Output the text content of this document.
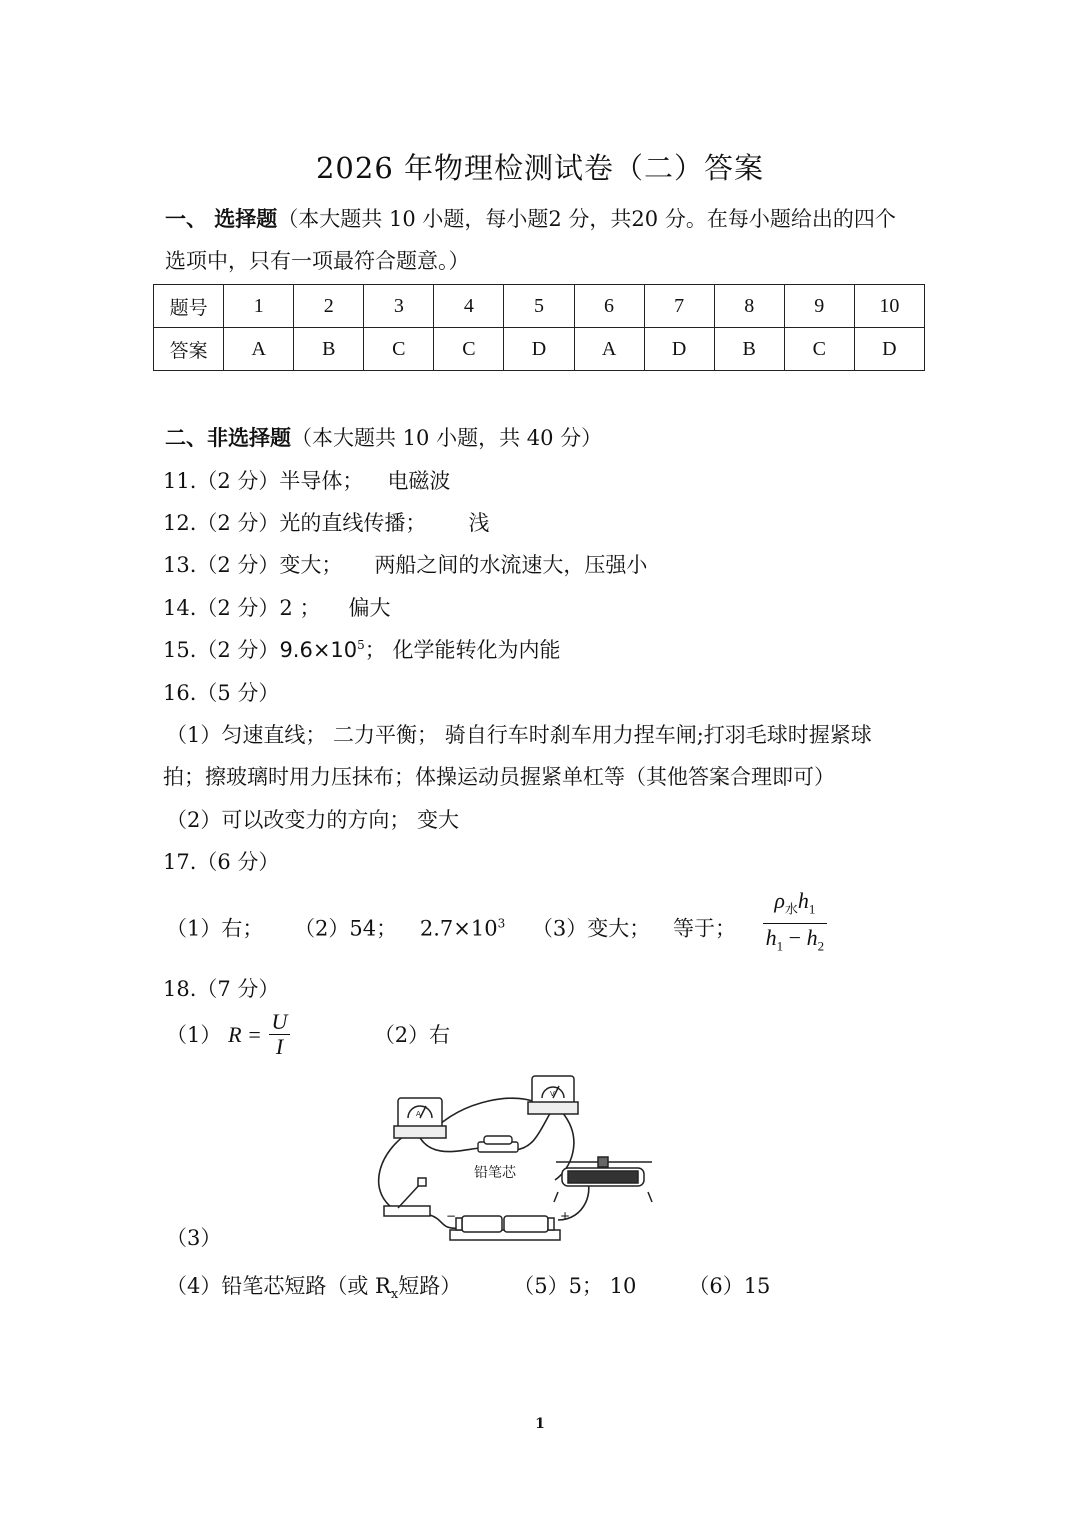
2026 年物理检测试卷（二）答案
一、 选择题（本大题共 10 小题，每小题2 分，共20 分。在每小题给出的四个
选项中，只有一项最符合题意。）
题号	1	2	3	4	5	6	7	8	9	10
答案	A	B	C	C	D	A	D	B	C	D
二、非选择题（本大题共 10 小题，共 40 分）
11.（2 分）半导体； 电磁波
12.（2 分）光的直线传播； 浅
13.（2 分）变大； 两船之间的水流速大，压强小
14.（2 分）2 ； 偏大
15.（2 分）$9.6\times 10^5$； 化学能转化为内能
16.（5 分）
（1）匀速直线； 二力平衡； 骑自行车时刹车用力捏车闸;打羽毛球时握紧球
拍；擦玻璃时用力压抹布；体操运动员握紧单杠等（其他答案合理即可）
（2）可以改变力的方向； 变大
17.（6 分）
（1）右； （2）54； $2.7\times 10^3$ （3）变大； 等于； $\frac{\rho_水h_1}{h_1 - h_2}$
18.（7 分）
（1） $R = \frac{U}{I}$	（2）右
A
V
铅笔芯
−	+
（3）
（4）铅笔芯短路（或 $R_x$短路） （5）5； 10 （6）15
1
